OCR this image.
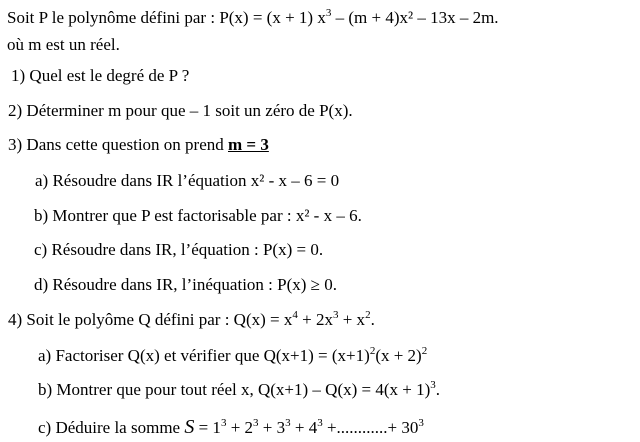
Soit P le polynôme défini par : P(x) = (x + 1) $x^3 - (m + 4)x^2 - 13x - 2m$.
où m est un réel.
1) Quel est le degré de P ?
2) Déterminer m pour que – 1 soit un zéro de P(x).
3) Dans cette question on prend m = 3
a) Résoudre dans IR l’équation x² - x – 6 = 0
b) Montrer que P est factorisable par : x² - x – 6.
c) Résoudre dans IR, l’équation : P(x) = 0.
d) Résoudre dans IR, l’inéquation : P(x) ≥ 0.
4) Soit le polyôme Q défini par : $Q(x) = x^4 + 2x^3 + x^2$.
a) Factoriser Q(x) et vérifier que $Q(x+1) = (x+1)^2(x + 2)^2$
b) Montrer que pour tout réel x, $Q(x+1) - Q(x) = 4(x + 1)^3$.
c) Déduire la somme $S = 1^3 + 2^3 + 3^3 + 4^3$ +............+ $30^3$
